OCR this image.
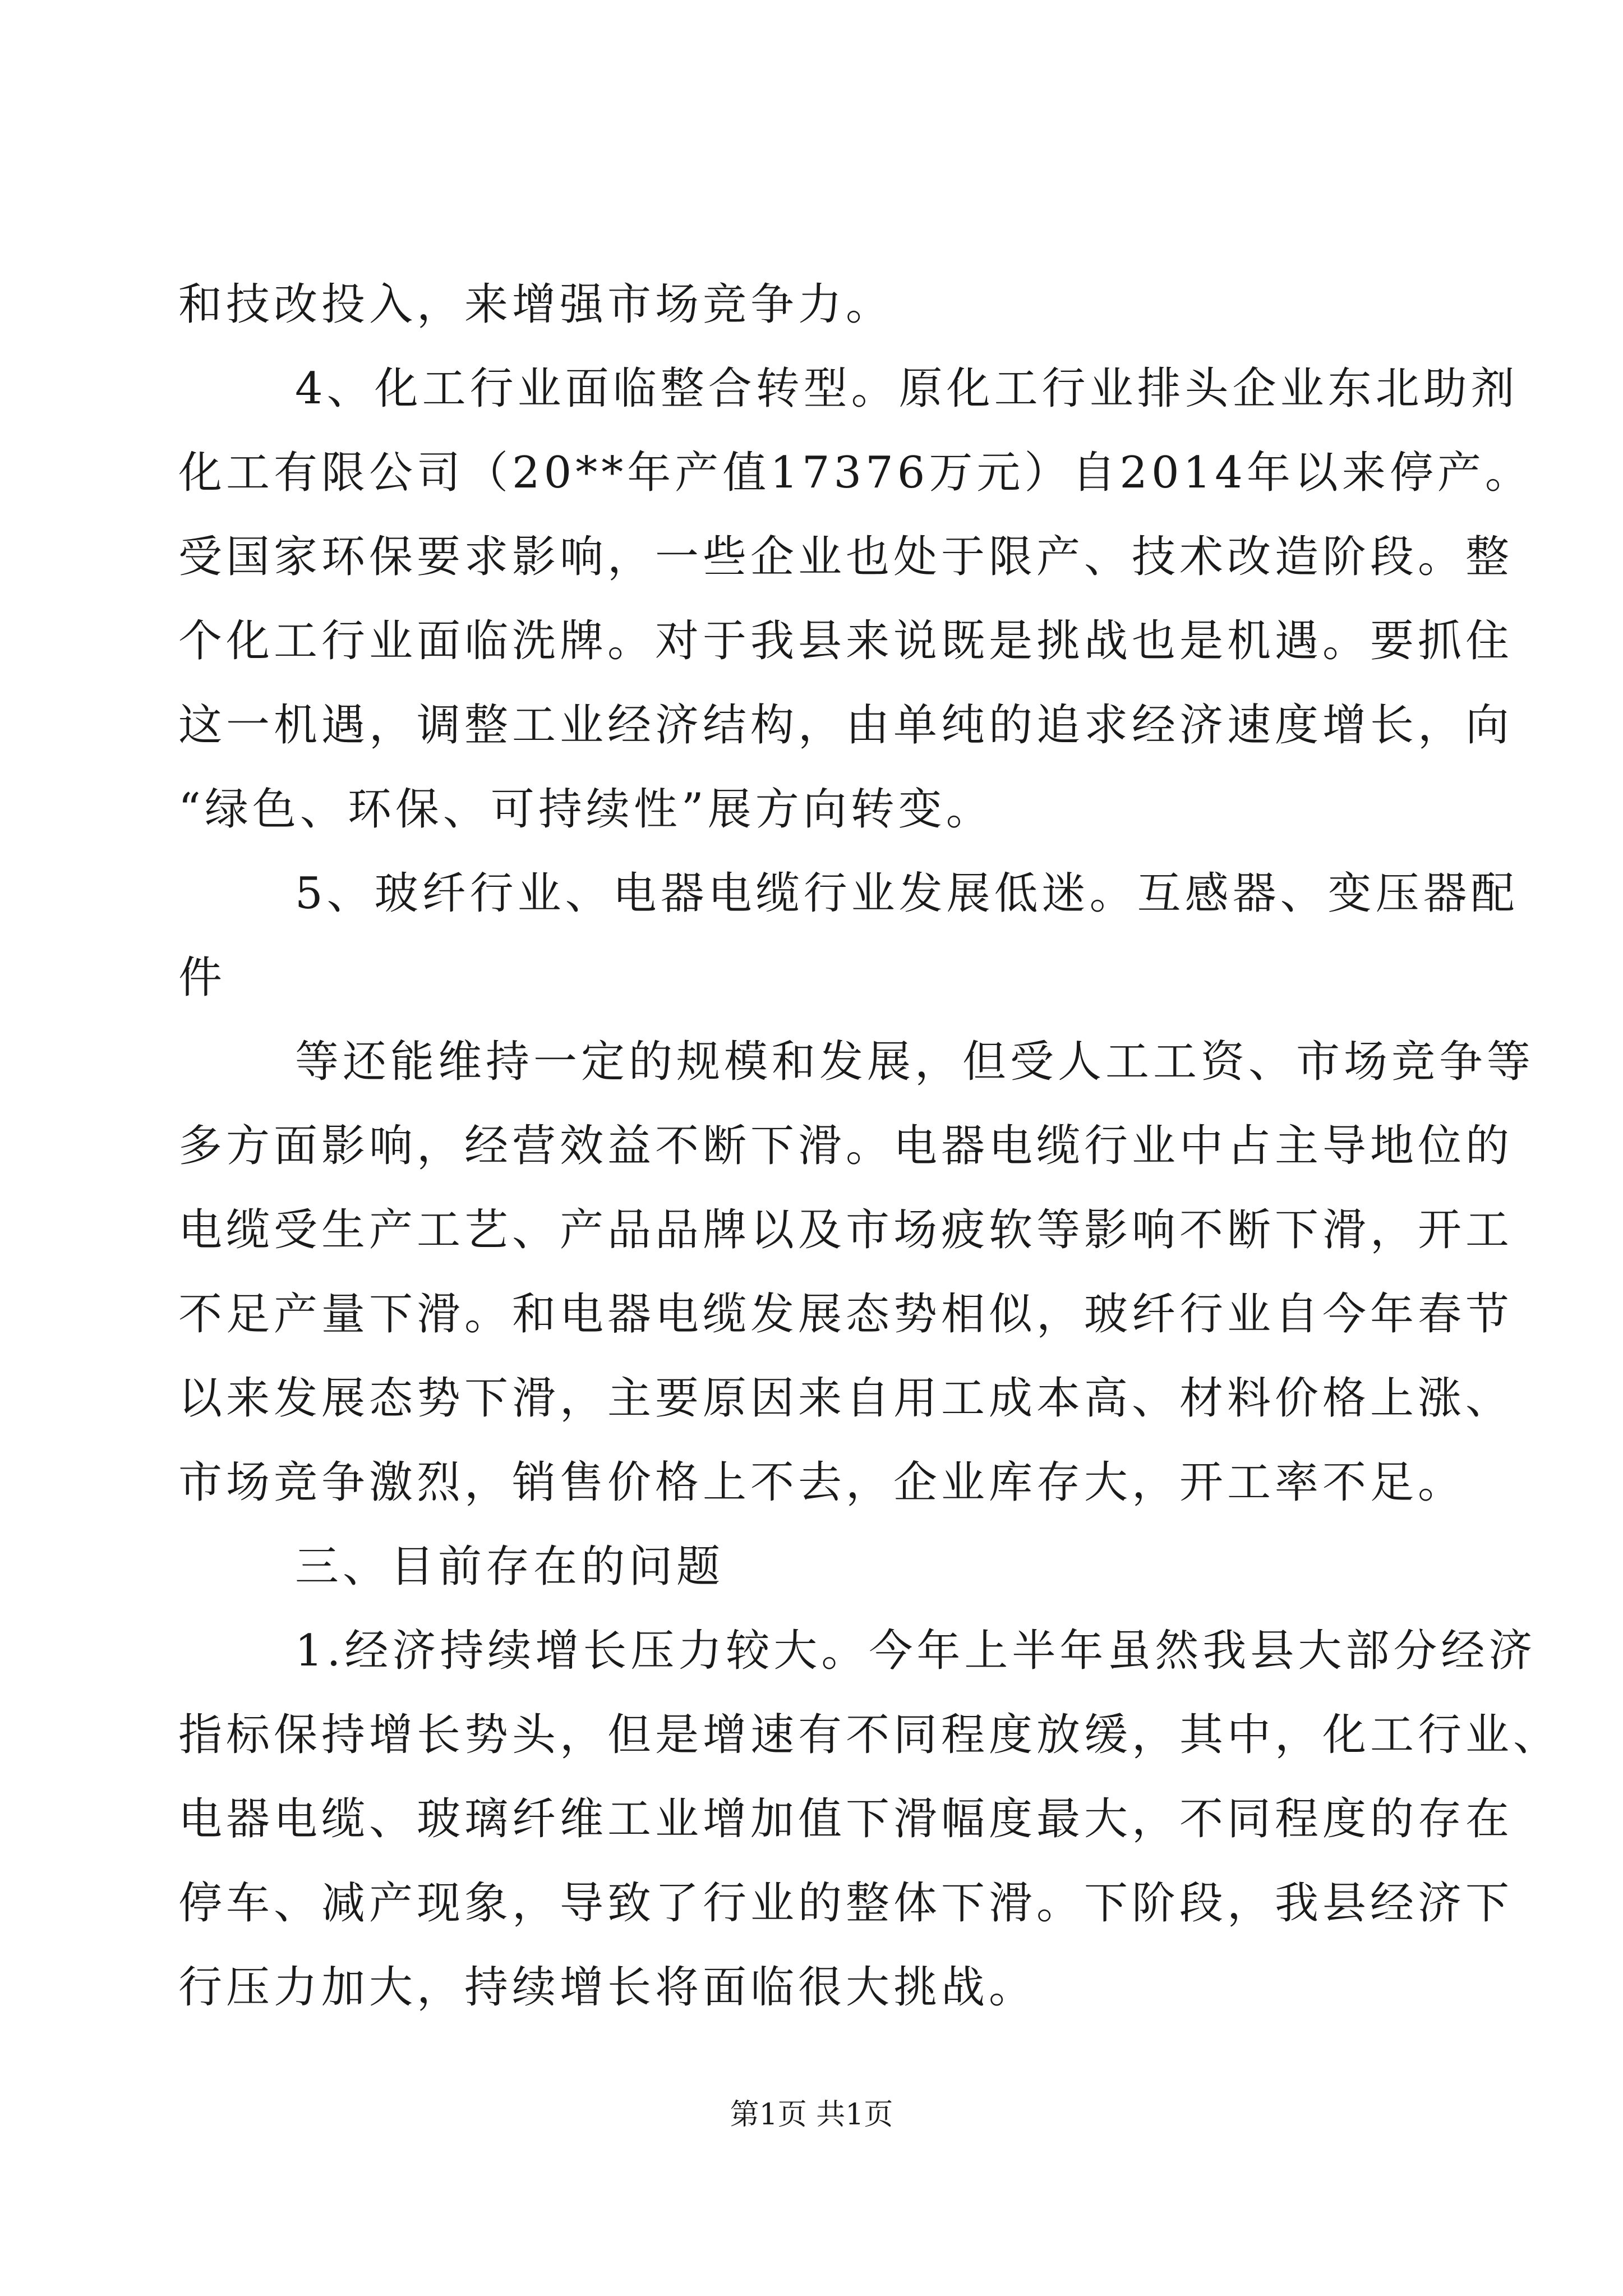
和技改投入，来增强市场竞争力。
4、化工行业面临整合转型。原化工行业排头企业东北助剂
化工有限公司（20**年产值17376万元）自2014年以来停产。
受国家环保要求影响，一些企业也处于限产、技术改造阶段。整
个化工行业面临洗牌。对于我县来说既是挑战也是机遇。要抓住
这一机遇，调整工业经济结构，由单纯的追求经济速度增长，向
“绿色、环保、可持续性”展方向转变。
5、玻纤行业、电器电缆行业发展低迷。互感器、变压器配
件
等还能维持一定的规模和发展，但受人工工资、市场竞争等
多方面影响，经营效益不断下滑。电器电缆行业中占主导地位的
电缆受生产工艺、产品品牌以及市场疲软等影响不断下滑，开工
不足产量下滑。和电器电缆发展态势相似，玻纤行业自今年春节
以来发展态势下滑，主要原因来自用工成本高、材料价格上涨、
市场竞争激烈，销售价格上不去，企业库存大，开工率不足。
三、目前存在的问题
1.经济持续增长压力较大。今年上半年虽然我县大部分经济
指标保持增长势头，但是增速有不同程度放缓，其中，化工行业、
电器电缆、玻璃纤维工业增加值下滑幅度最大，不同程度的存在
停车、减产现象，导致了行业的整体下滑。下阶段，我县经济下
行压力加大，持续增长将面临很大挑战。
第1页 共1页
